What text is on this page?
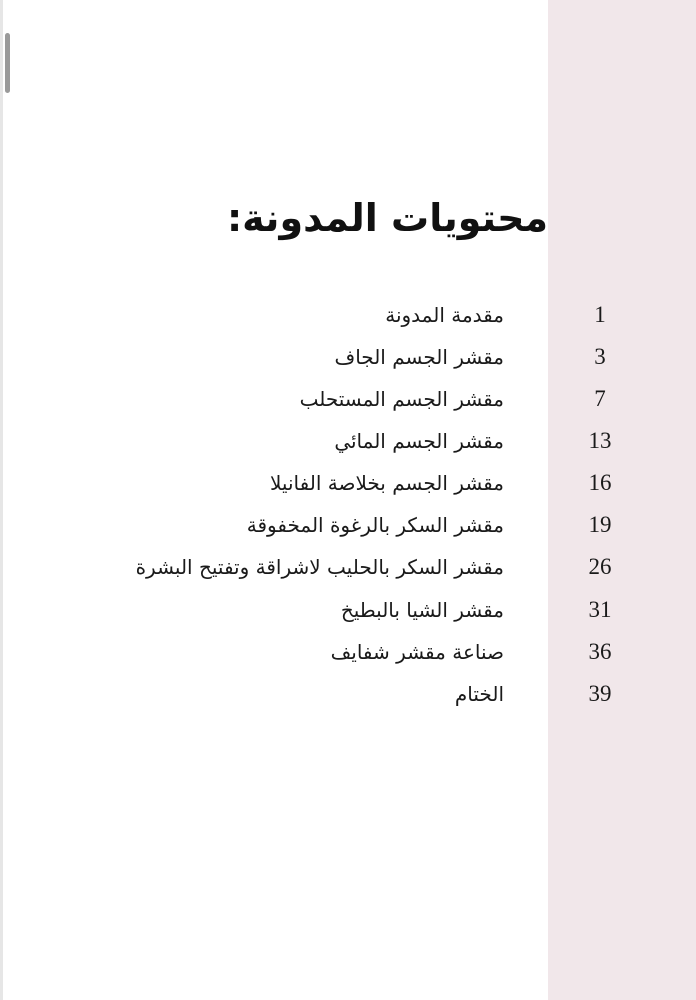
محتويات المدونة:
مقدمة المدونة	1
مقشر الجسم الجاف	3
مقشر الجسم المستحلب	7
مقشر الجسم المائي	13
مقشر الجسم بخلاصة الفانيلا	16
مقشر السكر بالرغوة المخفوقة	19
مقشر السكر بالحليب لاشراقة وتفتيح البشرة	26
مقشر الشيا بالبطيخ	31
صناعة مقشر شفايف	36
الختام	39
